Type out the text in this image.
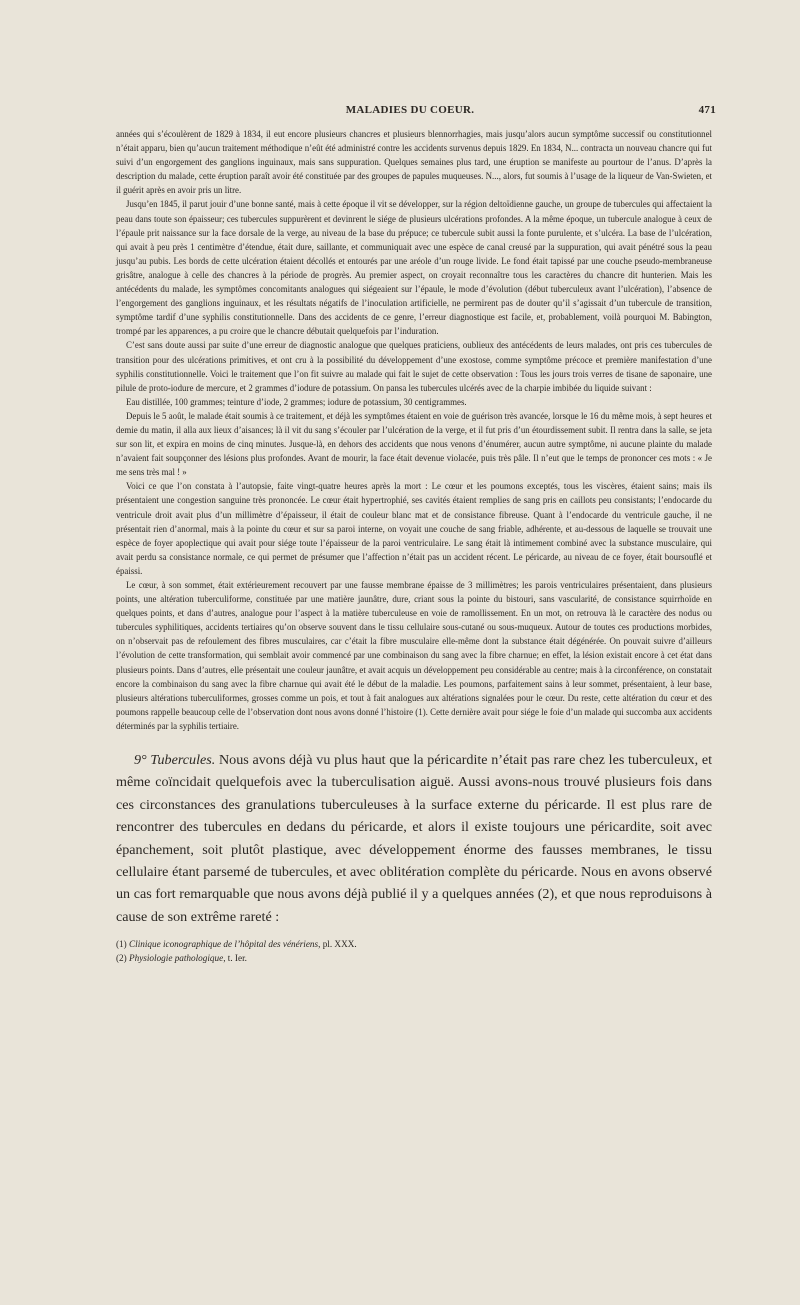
MALADIES DU COEUR.	471

années qui s’écoulèrent de 1829 à 1834, il eut encore plusieurs chancres et plusieurs blennorrhagies, mais jusqu’alors aucun symptôme successif ou constitutionnel n’était apparu, bien qu’aucun traitement méthodique n’eût été administré contre les accidents survenus depuis 1829. En 1834, N... contracta un nouveau chancre qui fut suivi d’un engorgement des ganglions inguinaux, mais sans suppuration. Quelques semaines plus tard, une éruption se manifeste au pourtour de l’anus. D’après la description du malade, cette éruption paraît avoir été constituée par des groupes de papules muqueuses. N..., alors, fut soumis à l’usage de la liqueur de Van-Swieten, et il guérit après en avoir pris un litre.

Jusqu’en 1845, il parut jouir d’une bonne santé, mais à cette époque il vit se développer, sur la région deltoïdienne gauche, un groupe de tubercules qui affectaient la peau dans toute son épaisseur; ces tubercules suppurèrent et devinrent le siége de plusieurs ulcérations profondes. A la même époque, un tubercule analogue à ceux de l’épaule prit naissance sur la face dorsale de la verge, au niveau de la base du prépuce; ce tubercule subit aussi la fonte purulente, et s’ulcéra. La base de l’ulcération, qui avait à peu près 1 centimètre d’étendue, était dure, saillante, et communiquait avec une espèce de canal creusé par la suppuration, qui avait pénétré sous la peau jusqu’au pubis. Les bords de cette ulcération étaient décollés et entourés par une aréole d’un rouge livide. Le fond était tapissé par une couche pseudo-membraneuse grisâtre, analogue à celle des chancres à la période de progrès. Au premier aspect, on croyait reconnaître tous les caractères du chancre dit hunterien. Mais les antécédents du malade, les symptômes concomitants analogues qui siégeaient sur l’épaule, le mode d’évolution (début tuberculeux avant l’ulcération), l’absence de l’engorgement des ganglions inguinaux, et les résultats négatifs de l’inoculation artificielle, ne permirent pas de douter qu’il s’agissait d’un tubercule de transition, symptôme tardif d’une syphilis constitutionnelle. Dans des accidents de ce genre, l’erreur diagnostique est facile, et, probablement, voilà pourquoi M. Babington, trompé par les apparences, a pu croire que le chancre débutait quelquefois par l’induration.

C’est sans doute aussi par suite d’une erreur de diagnostic analogue que quelques praticiens, oublieux des antécédents de leurs malades, ont pris ces tubercules de transition pour des ulcérations primitives, et ont cru à la possibilité du développement d’une exostose, comme symptôme précoce et première manifestation d’une syphilis constitutionnelle. Voici le traitement que l’on fit suivre au malade qui fait le sujet de cette observation : Tous les jours trois verres de tisane de saponaire, une pilule de proto-iodure de mercure, et 2 grammes d’iodure de potassium. On pansa les tubercules ulcérés avec de la charpie imbibée du liquide suivant :

Eau distillée, 100 grammes; teinture d’iode, 2 grammes; iodure de potassium, 30 centigrammes.

Depuis le 5 août, le malade était soumis à ce traitement, et déjà les symptômes étaient en voie de guérison très avancée, lorsque le 16 du même mois, à sept heures et demie du matin, il alla aux lieux d’aisances; là il vit du sang s’écouler par l’ulcération de la verge, et il fut pris d’un étourdissement subit. Il rentra dans la salle, se jeta sur son lit, et expira en moins de cinq minutes. Jusque-là, en dehors des accidents que nous venons d’énumérer, aucun autre symptôme, ni aucune plainte du malade n’avaient fait soupçonner des lésions plus profondes. Avant de mourir, la face était devenue violacée, puis très pâle. Il n’eut que le temps de prononcer ces mots : « Je me sens très mal ! »

Voici ce que l’on constata à l’autopsie, faite vingt-quatre heures après la mort : Le cœur et les poumons exceptés, tous les viscères, étaient sains; mais ils présentaient une congestion sanguine très prononcée. Le cœur était hypertrophié, ses cavités étaient remplies de sang pris en caillots peu consistants; l’endocarde du ventricule droit avait plus d’un millimètre d’épaisseur, il était de couleur blanc mat et de consistance fibreuse. Quant à l’endocarde du ventricule gauche, il ne présentait rien d’anormal, mais à la pointe du cœur et sur sa paroi interne, on voyait une couche de sang friable, adhérente, et au-dessous de laquelle se trouvait une espèce de foyer apoplectique qui avait pour siége toute l’épaisseur de la paroi ventriculaire. Le sang était là intimement combiné avec la substance musculaire, qui avait perdu sa consistance normale, ce qui permet de présumer que l’affection n’était pas un accident récent. Le péricarde, au niveau de ce foyer, était boursouflé et épaissi.

Le cœur, à son sommet, était extérieurement recouvert par une fausse membrane épaisse de 3 millimètres; les parois ventriculaires présentaient, dans plusieurs points, une altération tuberculiforme, constituée par une matière jaunâtre, dure, criant sous la pointe du bistouri, sans vascularité, de consistance squirrhoïde en quelques points, et dans d’autres, analogue pour l’aspect à la matière tuberculeuse en voie de ramollissement. En un mot, on retrouva là le caractère des nodus ou tubercules syphilitiques, accidents tertiaires qu’on observe souvent dans le tissu cellulaire sous-cutané ou sous-muqueux. Autour de toutes ces productions morbides, on n’observait pas de refoulement des fibres musculaires, car c’était la fibre musculaire elle-même dont la substance était dégénérée. On pouvait suivre d’ailleurs l’évolution de cette transformation, qui semblait avoir commencé par une combinaison du sang avec la fibre charnue; en effet, la lésion existait encore à cet état dans plusieurs points. Dans d’autres, elle présentait une couleur jaunâtre, et avait acquis un développement peu considérable au centre; mais à la circonférence, on constatait encore la combinaison du sang avec la fibre charnue qui avait été le début de la maladie. Les poumons, parfaitement sains à leur sommet, présentaient, à leur base, plusieurs altérations tuberculiformes, grosses comme un pois, et tout à fait analogues aux altérations signalées pour le cœur. Du reste, cette altération du cœur et des poumons rappelle beaucoup celle de l’observation dont nous avons donné l’histoire (1). Cette dernière avait pour siége le foie d’un malade qui succomba aux accidents déterminés par la syphilis tertiaire.

9° Tubercules. Nous avons déjà vu plus haut que la péricardite n’était pas rare chez les tuberculeux, et même coïncidait quelquefois avec la tuberculisation aiguë. Aussi avons-nous trouvé plusieurs fois dans ces circonstances des granulations tuberculeuses à la surface externe du péricarde. Il est plus rare de rencontrer des tubercules en dedans du péricarde, et alors il existe toujours une péricardite, soit avec épanchement, soit plutôt plastique, avec développement énorme des fausses membranes, le tissu cellulaire étant parsemé de tubercules, et avec oblitération complète du péricarde. Nous en avons observé un cas fort remarquable que nous avons déjà publié il y a quelques années (2), et que nous reproduisons à cause de son extrême rareté :

(1) Clinique iconographique de l’hôpital des vénériens, pl. XXX.

(2) Physiologie pathologique, t. Ier.
